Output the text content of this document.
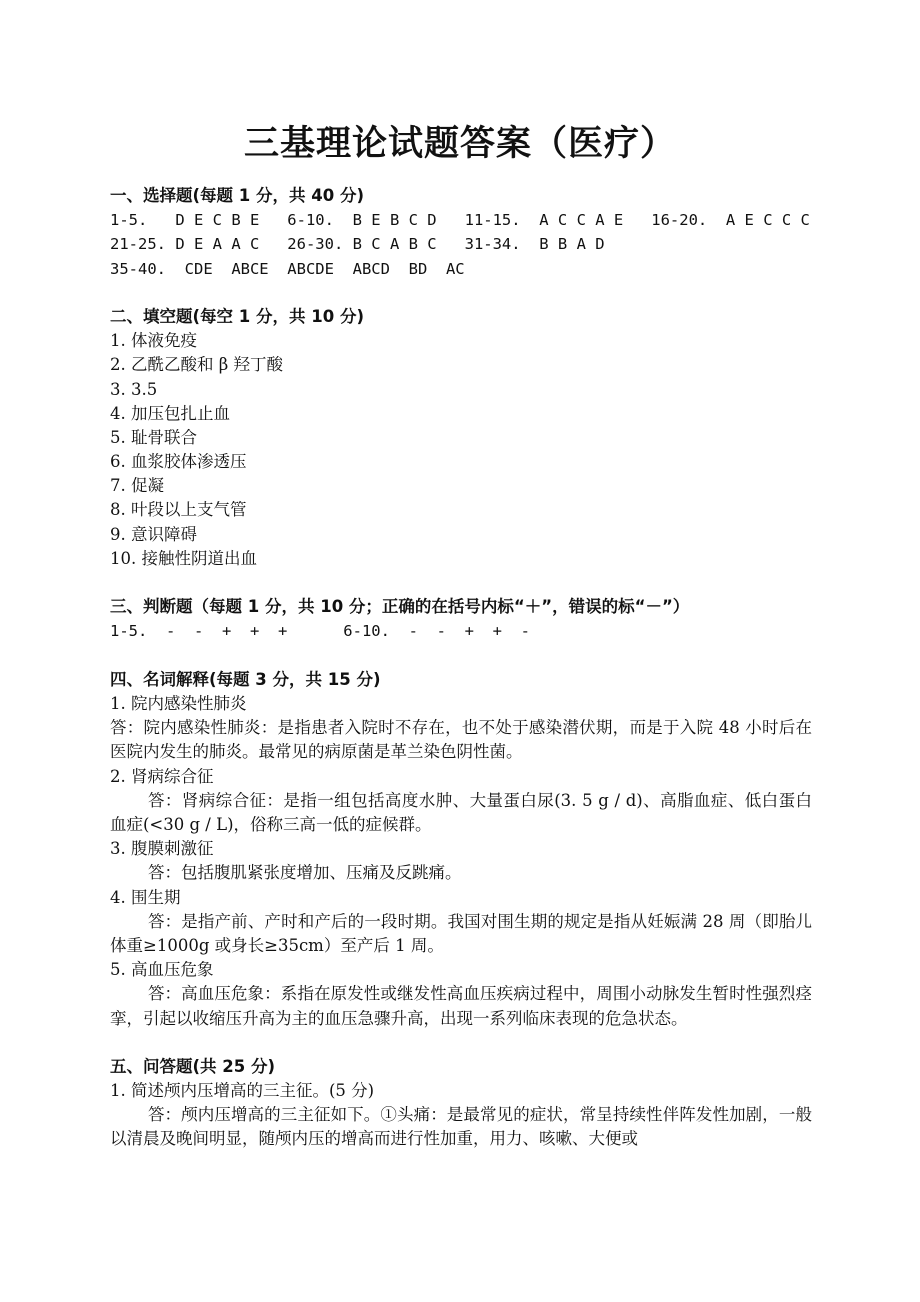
三基理论试题答案（医疗）
一、选择题(每题 1 分，共 40 分)
1-5.   D E C B E   6-10.  B E B C D   11-15.  A C C A E   16-20.  A E C C C
21-25. D E A A C   26-30. B C A B C   31-34.  B B A D
35-40.  CDE  ABCE  ABCDE  ABCD  BD  AC
二、填空题(每空 1 分，共 10 分)
1. 体液免疫
2. 乙酰乙酸和 β 羟丁酸
3. 3.5
4. 加压包扎止血
5. 耻骨联合
6. 血浆胶体渗透压
7. 促凝
8. 叶段以上支气管
9. 意识障碍
10. 接触性阴道出血
三、判断题（每题 1 分，共 10 分；正确的在括号内标“＋”，错误的标“－”）
1-5.  -  -  +  +  +      6-10.  -  -  +  +  -
四、名词解释(每题 3 分，共 15 分)
1. 院内感染性肺炎

答：院内感染性肺炎：是指患者入院时不存在，也不处于感染潜伏期，而是于入院 48 小时后在医院内发生的肺炎。最常见的病原菌是革兰染色阴性菌。

2. 肾病综合征

答：肾病综合征：是指一组包括高度水肿、大量蛋白尿(3. 5 g / d)、高脂血症、低白蛋白血症(<30 g / L)，俗称三高一低的症候群。

3. 腹膜刺激征

答：包括腹肌紧张度增加、压痛及反跳痛。

4. 围生期

答：是指产前、产时和产后的一段时期。我国对围生期的规定是指从妊娠满 28 周（即胎儿体重≥1000g 或身长≥35cm）至产后 1 周。

5. 高血压危象

答：高血压危象：系指在原发性或继发性高血压疾病过程中，周围小动脉发生暂时性强烈痉挛，引起以收缩压升高为主的血压急骤升高，出现一系列临床表现的危急状态。

五、问答题(共 25 分)
1. 简述颅内压增高的三主征。(5 分)

答：颅内压增高的三主征如下。①头痛：是最常见的症状，常呈持续性伴阵发性加剧，一般以清晨及晚间明显，随颅内压的增高而进行性加重，用力、咳嗽、大便或
